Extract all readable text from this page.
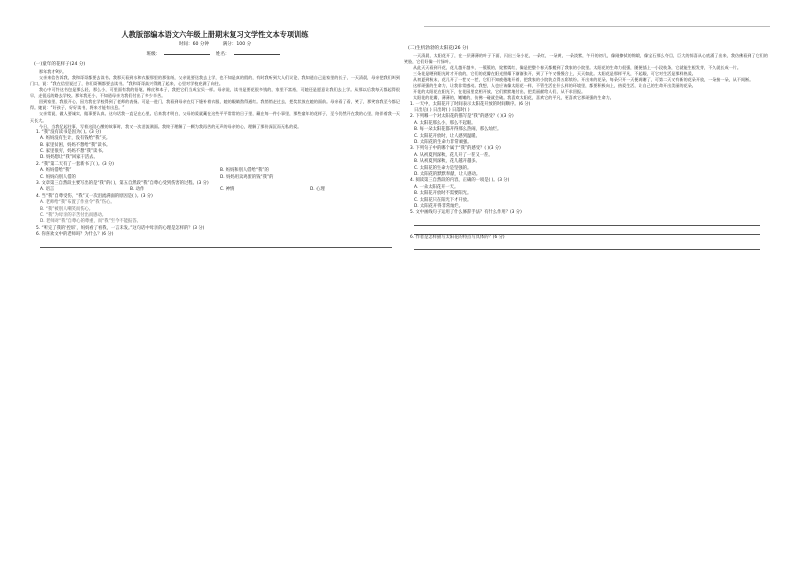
人教版部编本语文六年级上册期末复习文学性文本专项训练
时间：60 分钟	满分：100 分
班级：	姓名：
(一)童年的花样子(24 分)

那年我才9岁。

父亲来信告诉我，我和哥哥都要去读书。我那天看到水和衣服那里的那张纸，父亲说要送我去上学，也不知是真的假的，有时我听到大人们议论，我知道自己是家里的长子，一天清晨，母亲把我们叫到门口，说：“我在信里说过了，你们哥俩都要去读书。”我和哥哥高兴得跳了起来，心里对学校充满了向往。

我心中可怜这书包是那么轻，那么小，可里面有我的铅笔、橡皮和本子，我把它们当成宝贝一样。母亲说，读书是要花很多钱的，家里不富裕，可她还是愿意让我们去上学。从那以后我每天都起得很早，走很远的路去学校。那年我还小，不知道母亲为我们付出了多少辛苦。

回到家里，我很开心，因为我在学校得到了老师的表扬。可是一进门，我看到母亲在灯下缝补着衣服，她的眼睛熬得通红。我悄悄走过去，把奖状放在她的面前。母亲看了看，笑了，那笑容我至今都记得。她说：“好孩子，好好读书，将来才能有出息。”

父亲常说，做人要诚实，做事要认真。这句话我一直记在心里。后来我才明白，父母的爱就藏在这些平平常常的日子里，藏在每一件小事里，那些童年的花样子，至今仍然开在我的心里，陪伴着我一天天长大。

今日，当我忆起往事，写着这段心酸的故事时，我又一次泪流满面。我终于理解了一颗为我再苦的无声的母亲的心，理解了那份深沉而无私的爱。

1. “我”没有读书是因为( )。(3 分)
A. 妈妈没有生计，没有钱给“我”买。
B. 家里贫困，妈妈不想给“我”读书。
C. 家里很穷，妈妈不想“我”读书。
D. 妈妈想让“我”回家干活去。
2. “我”第二天有了一套新书了( )。(3 分)
A. 妈妈借给“我”	B. 妈妈和别人借给“我”的
C. 妈妈向别人借的	D. 妈妈用卖鸡蛋的钱“我”的
3. 文章第三自然段主要写出的是“我”的( )，第五自然段“我”自尊心受到伤害的过程。(3 分)
A. 语言	B. 动作	C. 神情	D. 心理
4. 当“我”自尊受伤，“我”又一次泪流满面的原因是( )。(3 分)
A. 老师给“我”布置了作业令“我”伤心。
B. “我”被别人嘲笑而伤心。
C. “我”为母亲的辛苦付出而感动。
D. 老师对“我”自尊心的尊重，而“我”至今不能报答。
5. “听完了我的‘控诉’，妈妈看了看我，一言未发。”这句话中母亲的心理是怎样的？(3 分)
6. 你喜欢文中的老师吗？为什么？(6 分)
(二)生机勃勃的太阳花(26 分)

一天清晨，太阳花开了，在一层薄薄的叶子下面，闪出三朵小花，一朵红，一朵黄，一朵淡紫，午开的初几，像刚擦拭的锦缎，像宝石那么夺目，巨大的惊喜从心底涌了出来，我仿佛看到了它们的笑脸，它们好像一片绿叶。

从此天天看到开花，花儿越开越多，一簇簇的，姹紫嫣红，像是把整个春天都搬到了我家的小院里。太阳花的生命力很强，随便插上一小段枝条，它就能生根发芽，不久就长成一片。

三朵花是晒到阳光时才开放的，它们的花瓣在阳光照耀下渐渐张开，到了下午又慢慢合上，天天如此。太阳花是那样平凡，不起眼，可它对生活是那样热爱。

从初夏到秋末，花儿开了一茬又一茬，它们不知疲倦地开着，把我家的小院装点得五彩缤纷。开出来的花朵，每朵只开一天便凋谢了，可第二天又有新的花朵开放，一朵接一朵，从不间断。

这样顽强的生命力，让我非常感动。我想，人也应该像太阳花一样，不管生活在什么样的环境里，都要积极向上，热爱生活，让自己的生命开出美丽的花朵。

开花的太阳花在阳光下，在花园里竞相开放，它们默默地付出，把美丽献给人们，从不求回报。

太阳花的花瓣，薄薄的，嫩嫩的，仿佛一碰就会破。我喜欢太阳花，喜欢它的平凡，更喜欢它那顽强的生命力。

1. 一天中，太阳花开了时间表示太阳花开放的时间顺序。(6 分)
日出后( ) 日出时( ) 日落时( )
2. 下列哪一个对太阳花的描写是“我”的感受？( )(3 分)
A. 太阳花那么小，那么不起眼。
B. 每一朵太阳花都开得那么热闹，那么灿烂。
C. 太阳花开放时，让人感到温暖。
D. 太阳花的生命力非常顽强。
3. 下列句子中的哪个属于“我”的感受？( )(3 分)
A. 从初夏到深秋，花儿开了一茬又一茬。
B. 从初夏到深秋，花儿越开越多。
C. 太阳花的生命力是坚强的。
D. 太阳花的默默奉献，让人感动。
4. 阅读第三自然段的内容，正确的一项是( )。(3 分)
A. 一朵太阳花开一天。
B. 太阳花开放时不需要阳光。
C. 太阳花只在阳光下才开放。
D. 太阳花开得非常灿烂。
5. 文中画线句子运用了什么修辞手法？有什么作用？(3 分)
6. 作者是怎样描写太阳花的特点写具体的？(6 分)
